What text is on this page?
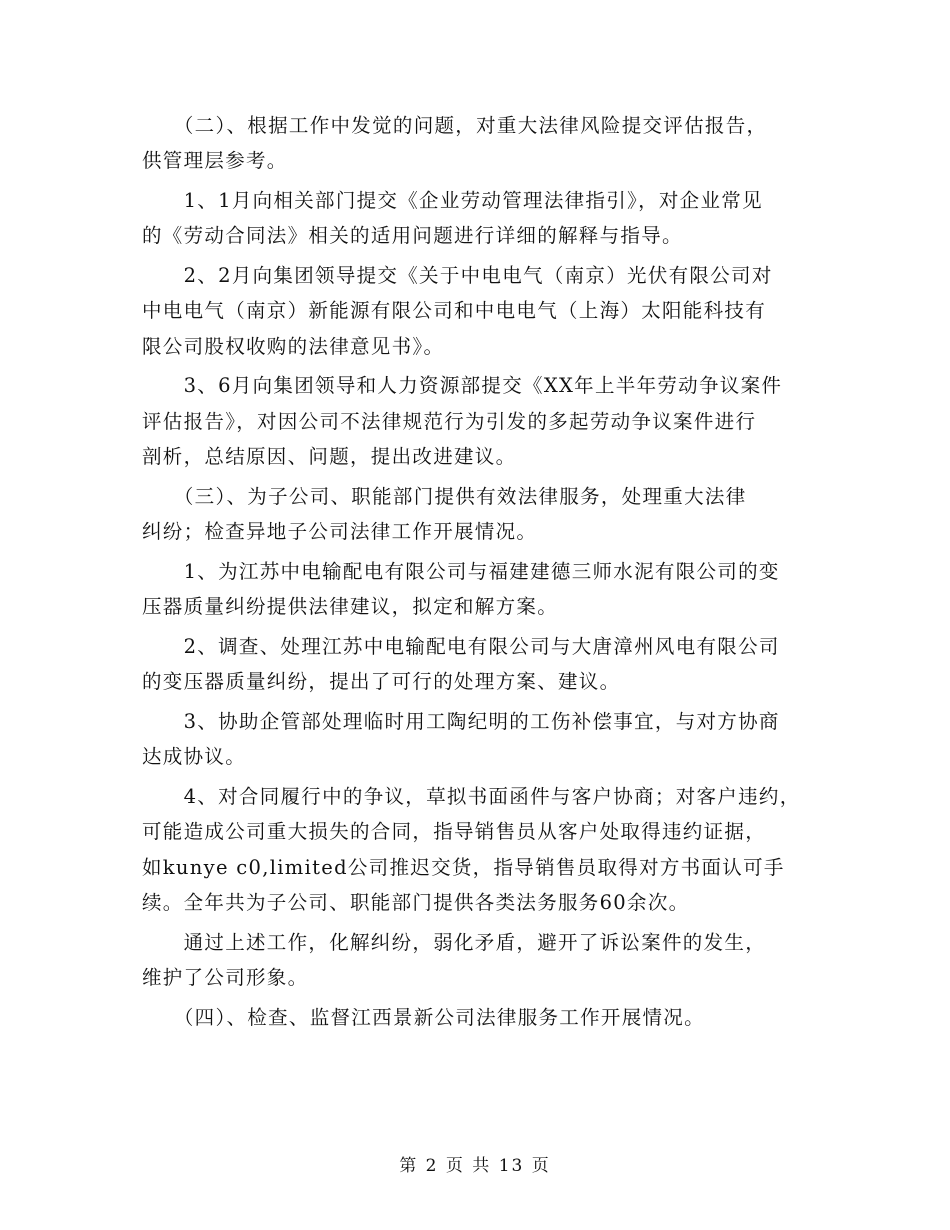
　　（二）、根据工作中发觉的问题，对重大法律风险提交评估报告，
供管理层参考。
　　1、1月向相关部门提交《企业劳动管理法律指引》，对企业常见
的《劳动合同法》相关的适用问题进行详细的解释与指导。
　　2、2月向集团领导提交《关于中电电气（南京）光伏有限公司对
中电电气（南京）新能源有限公司和中电电气（上海）太阳能科技有
限公司股权收购的法律意见书》。
　　3、6月向集团领导和人力资源部提交《XX年上半年劳动争议案件
评估报告》，对因公司不法律规范行为引发的多起劳动争议案件进行
剖析，总结原因、问题，提出改进建议。
　　（三）、为子公司、职能部门提供有效法律服务，处理重大法律
纠纷；检查异地子公司法律工作开展情况。
　　1、为江苏中电输配电有限公司与福建建德三师水泥有限公司的变
压器质量纠纷提供法律建议，拟定和解方案。
　　2、调查、处理江苏中电输配电有限公司与大唐漳州风电有限公司
的变压器质量纠纷，提出了可行的处理方案、建议。
　　3、协助企管部处理临时用工陶纪明的工伤补偿事宜，与对方协商
达成协议。
　　4、对合同履行中的争议，草拟书面函件与客户协商；对客户违约，
可能造成公司重大损失的合同，指导销售员从客户处取得违约证据，
如kunye c0,limited公司推迟交货，指导销售员取得对方书面认可手
续。全年共为子公司、职能部门提供各类法务服务60余次。
　　通过上述工作，化解纠纷，弱化矛盾，避开了诉讼案件的发生，
维护了公司形象。
　　（四）、检查、监督江西景新公司法律服务工作开展情况。
第 2 页 共 13 页
